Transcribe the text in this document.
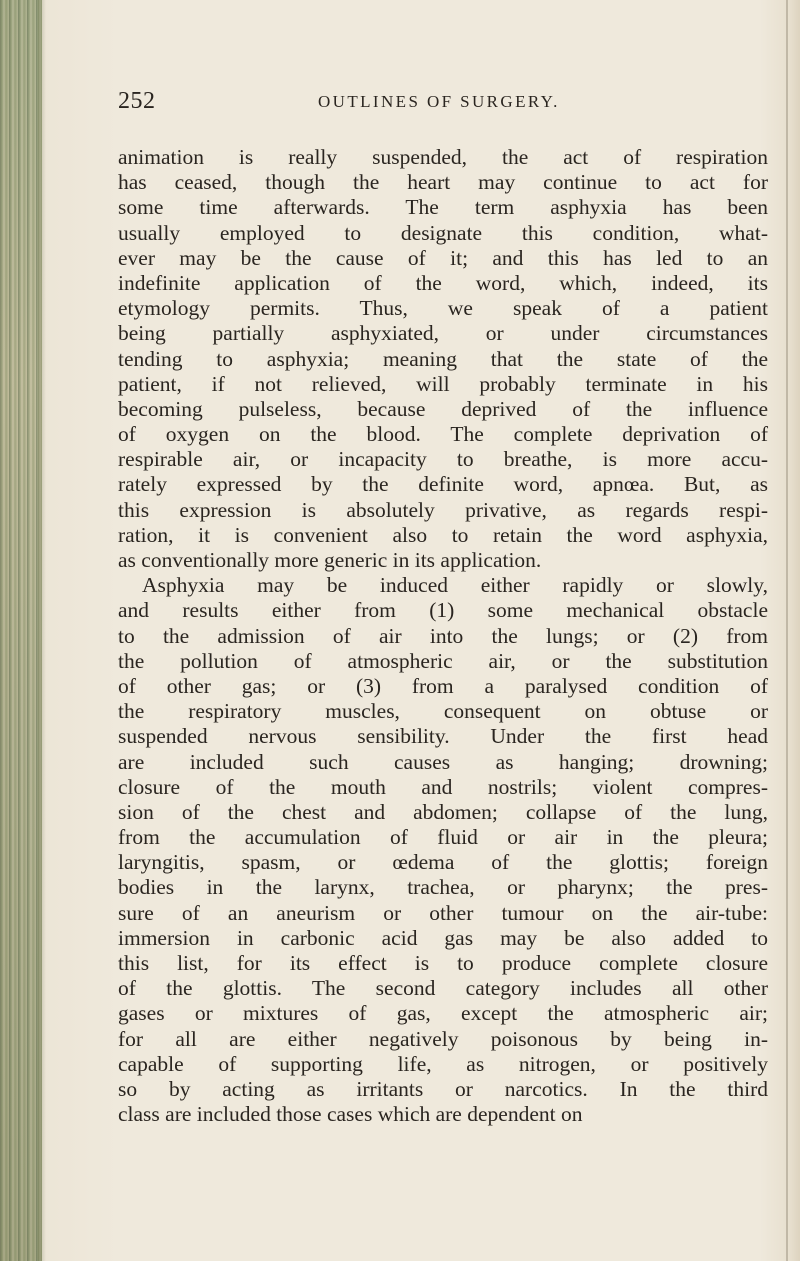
252	OUTLINES OF SURGERY.
animation is really suspended, the act of respiration
has ceased, though the heart may continue to act for
some time afterwards. The term asphyxia has been
usually employed to designate this condition, what-
ever may be the cause of it; and this has led to an
indefinite application of the word, which, indeed, its
etymology permits. Thus, we speak of a patient
being partially asphyxiated, or under circumstances
tending to asphyxia; meaning that the state of the
patient, if not relieved, will probably terminate in his
becoming pulseless, because deprived of the influence
of oxygen on the blood. The complete deprivation of
respirable air, or incapacity to breathe, is more accu-
rately expressed by the definite word, apnœa. But, as
this expression is absolutely privative, as regards respi-
ration, it is convenient also to retain the word asphyxia,
as conventionally more generic in its application.
Asphyxia may be induced either rapidly or slowly,
and results either from (1) some mechanical obstacle
to the admission of air into the lungs; or (2) from
the pollution of atmospheric air, or the substitution
of other gas; or (3) from a paralysed condition of
the respiratory muscles, consequent on obtuse or
suspended nervous sensibility. Under the first head
are included such causes as hanging; drowning;
closure of the mouth and nostrils; violent compres-
sion of the chest and abdomen; collapse of the lung,
from the accumulation of fluid or air in the pleura;
laryngitis, spasm, or œdema of the glottis; foreign
bodies in the larynx, trachea, or pharynx; the pres-
sure of an aneurism or other tumour on the air-tube:
immersion in carbonic acid gas may be also added to
this list, for its effect is to produce complete closure
of the glottis. The second category includes all other
gases or mixtures of gas, except the atmospheric air;
for all are either negatively poisonous by being in-
capable of supporting life, as nitrogen, or positively
so by acting as irritants or narcotics. In the third
class are included those cases which are dependent on
